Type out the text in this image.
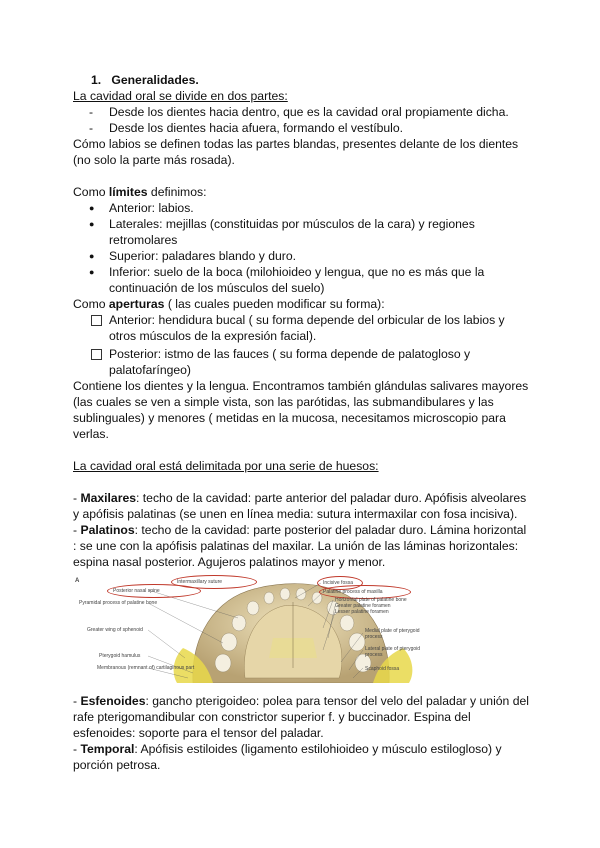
1. Generalidades.

La cavidad oral se divide en dos partes:

- Desde los dientes hacia dentro, que es la cavidad oral propiamente dicha.

- Desde los dientes hacia afuera, formando el vestíbulo.

Cómo labios se definen todas las partes blandas, presentes delante de los dientes

(no solo la parte más rosada).

Como límites definimos:

● Anterior: labios.

● Laterales: mejillas (constituidas por músculos de la cara) y regiones
retromolares

● Superior: paladares blando y duro.

● Inferior: suelo de la boca (milohioideo y lengua, que no es más que la
continuación de los músculos del suelo)

Como aperturas ( las cuales pueden modificar su forma):

Anterior: hendidura bucal ( su forma depende del orbicular de los labios y
otros músculos de la expresión facial).
Posterior: istmo de las fauces ( su forma depende de palatogloso y
palatofaríngeo)

Contiene los dientes y la lengua. Encontramos también glándulas salivares mayores

(las cuales se ven a simple vista, son las parótidas, las submandibulares y las

sublinguales) y menores ( metidas en la mucosa, necesitamos microscopio para

verlas.

La cavidad oral está delimitada por una serie de huesos:

- Maxilares: techo de la cavidad: parte anterior del paladar duro. Apófisis alveolares
y apófisis palatinas (se unen en línea media: sutura intermaxilar con fosa incisiva).
- Palatinos: techo de la cavidad: parte posterior del paladar duro. Lámina horizontal
: se une con la apófisis palatinas del maxilar. La unión de las láminas horizontales:
espina nasal posterior. Agujeros palatinos mayor y menor.
A	Intermaxillary suture
Posterior nasal spine
Pyramidal process of palatine bone
Greater wing of sphenoid
Pterygoid hamulus
Membranous (remnant of) cartilaginous part
Incisive fossa
Palatine process of maxilla
Horizontal plate of palatine bone
Greater palatine foramen
Lesser palatine foramen
Medial plate of pterygoid process
Lateral plate of pterygoid process
Scaphoid fossa
- Esfenoides: gancho pterigoideo: polea para tensor del velo del paladar y unión del
rafe pterigomandibular con constrictor superior f. y buccinador. Espina del
esfenoides: soporte para el tensor del paladar.
- Temporal: Apófisis estiloides (ligamento estilohioideo y músculo estilogloso) y
porción petrosa.
